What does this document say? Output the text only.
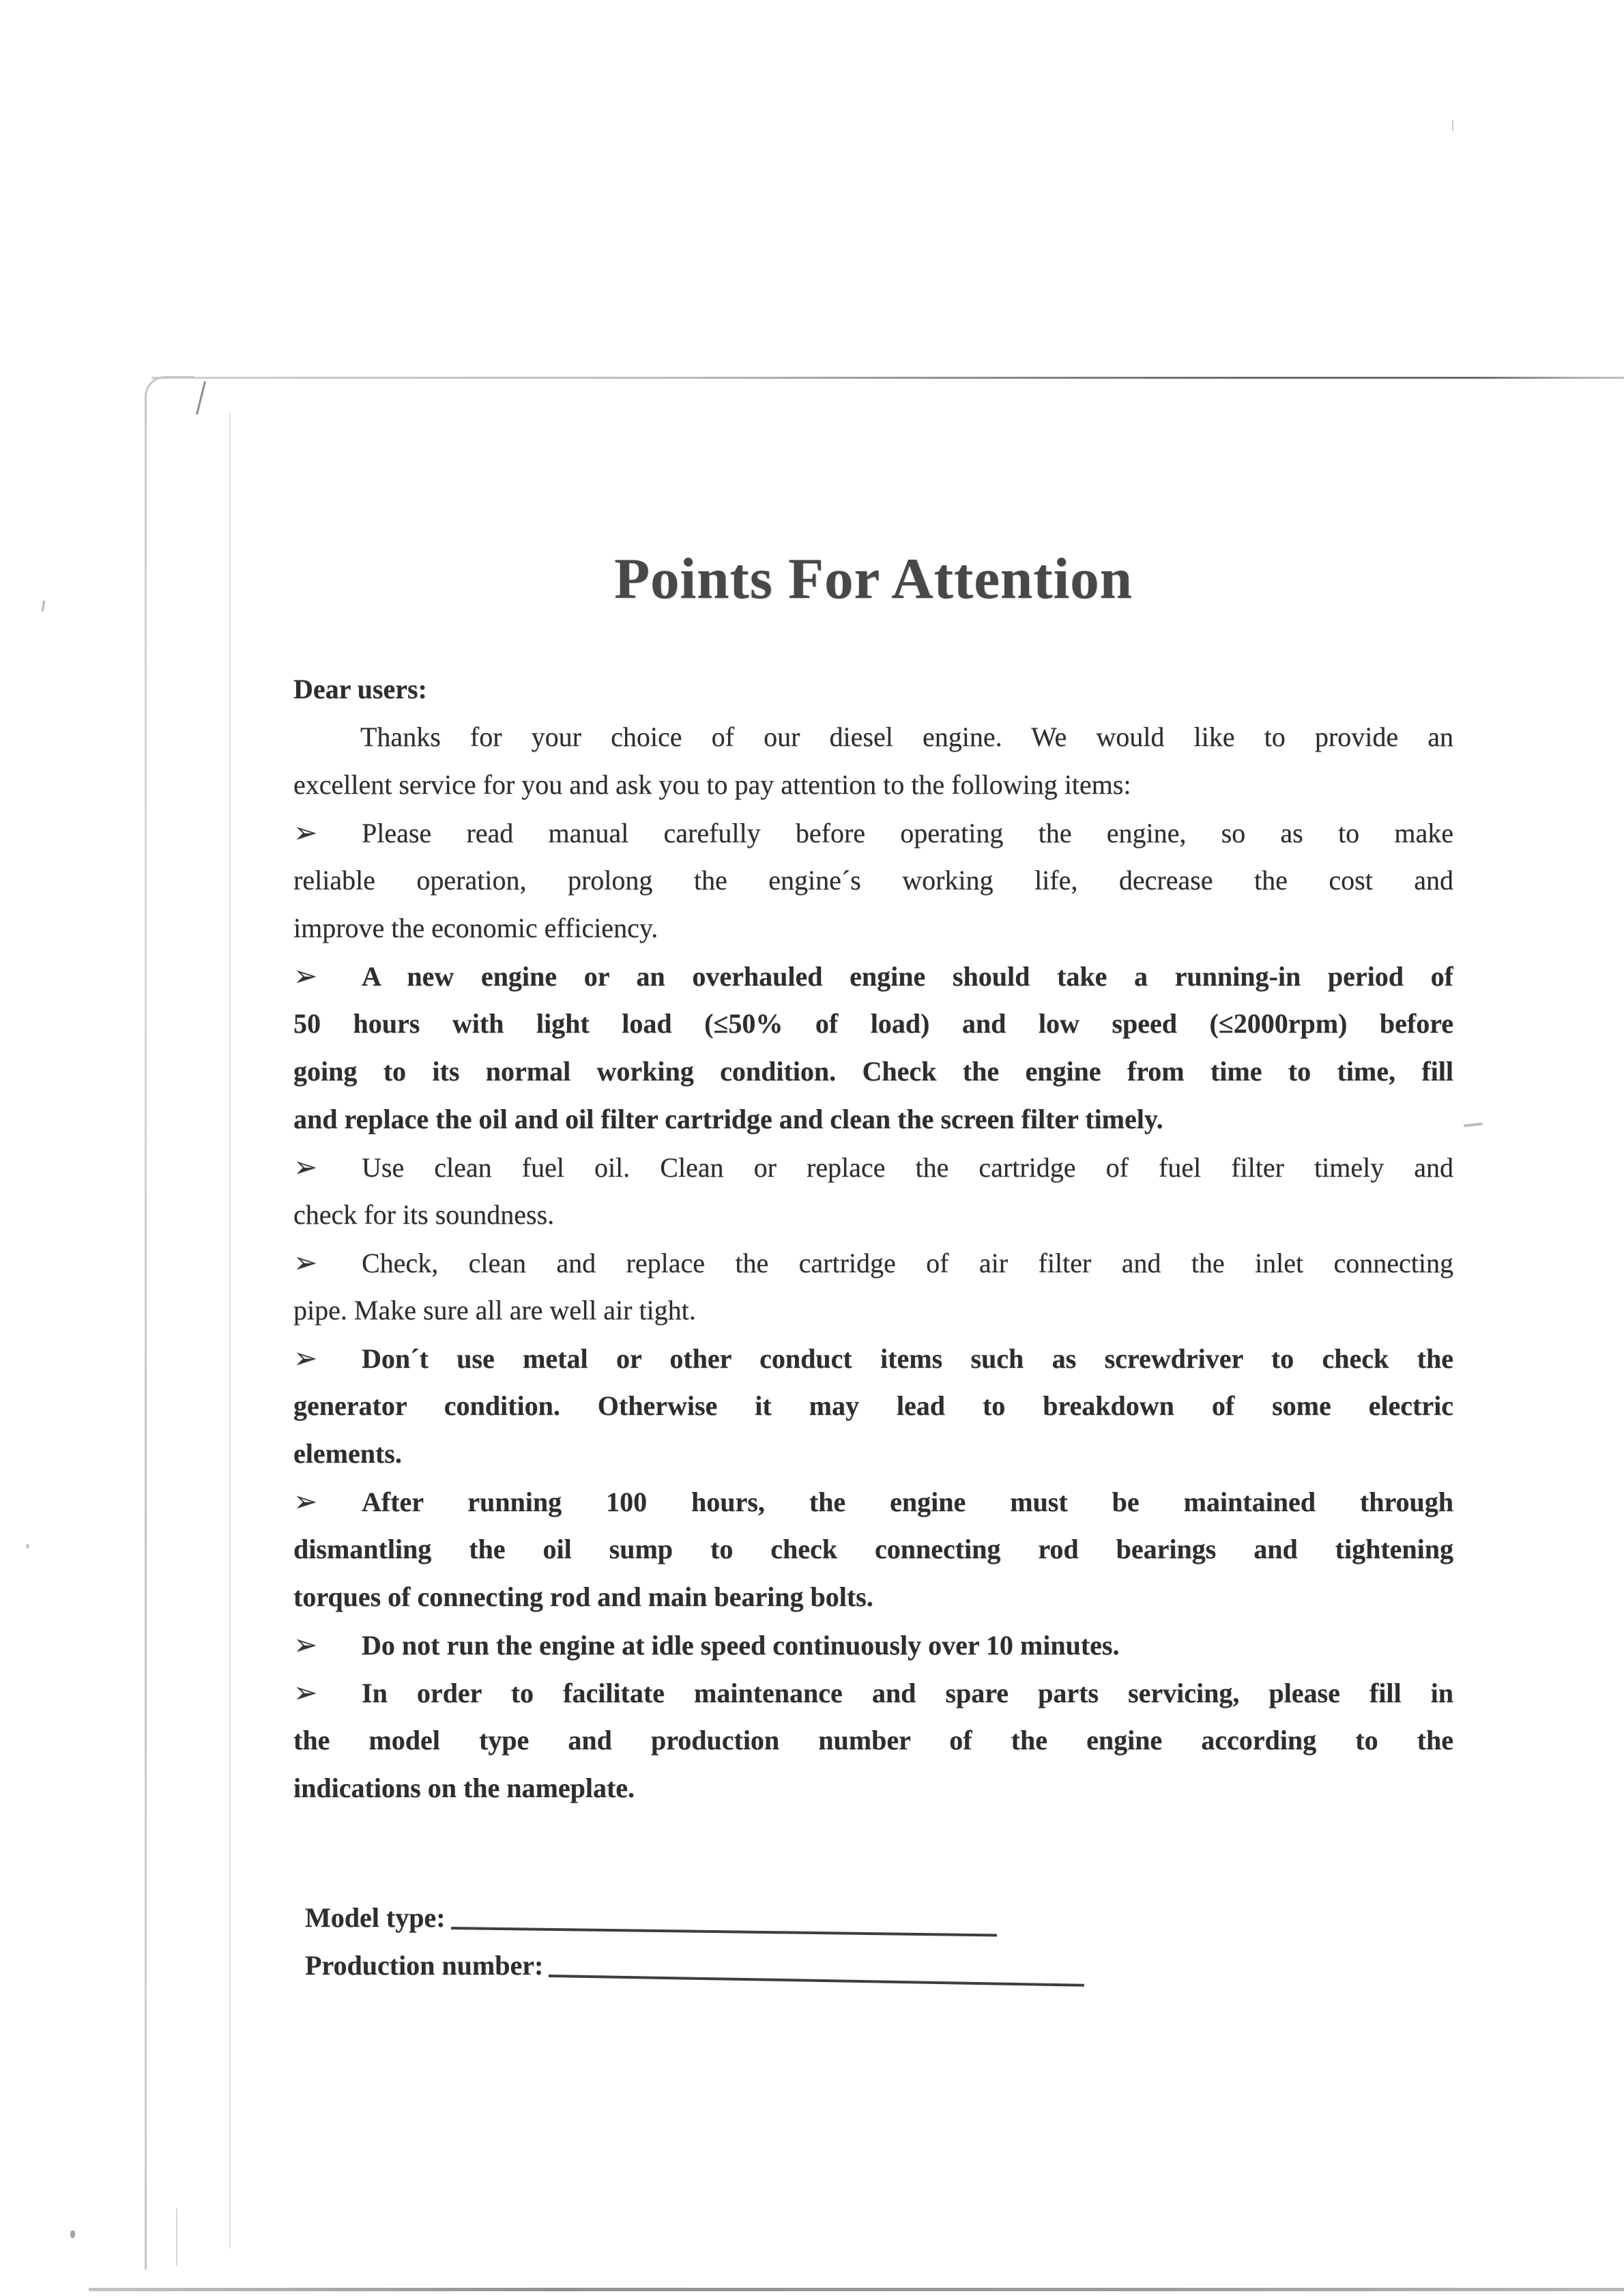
Points For Attention
Dear users:
Thanks for your choice of our diesel engine. We would like to provide an
excellent service for you and ask you to pay attention to the following items:
➢ Please read manual carefully before operating the engine, so as to make
reliable operation, prolong the engine´s working life, decrease the cost and
improve the economic efficiency.
➢ A new engine or an overhauled engine should take a running-in period of
50 hours with light load (≤50% of load) and low speed (≤2000rpm) before
going to its normal working condition. Check the engine from time to time, fill
and replace the oil and oil filter cartridge and clean the screen filter timely.
➢ Use clean fuel oil. Clean or replace the cartridge of fuel filter timely and
check for its soundness.
➢ Check, clean and replace the cartridge of air filter and the inlet connecting
pipe. Make sure all are well air tight.
➢ Don´t use metal or other conduct items such as screwdriver to check the
generator condition. Otherwise it may lead to breakdown of some electric
elements.
➢ After running 100 hours, the engine must be maintained through
dismantling the oil sump to check connecting rod bearings and tightening
torques of connecting rod and main bearing bolts.
➢ Do not run the engine at idle speed continuously over 10 minutes.
➢ In order to facilitate maintenance and spare parts servicing, please fill in
the model type and production number of the engine according to the
indications on the nameplate.
Model type:
Production number:
